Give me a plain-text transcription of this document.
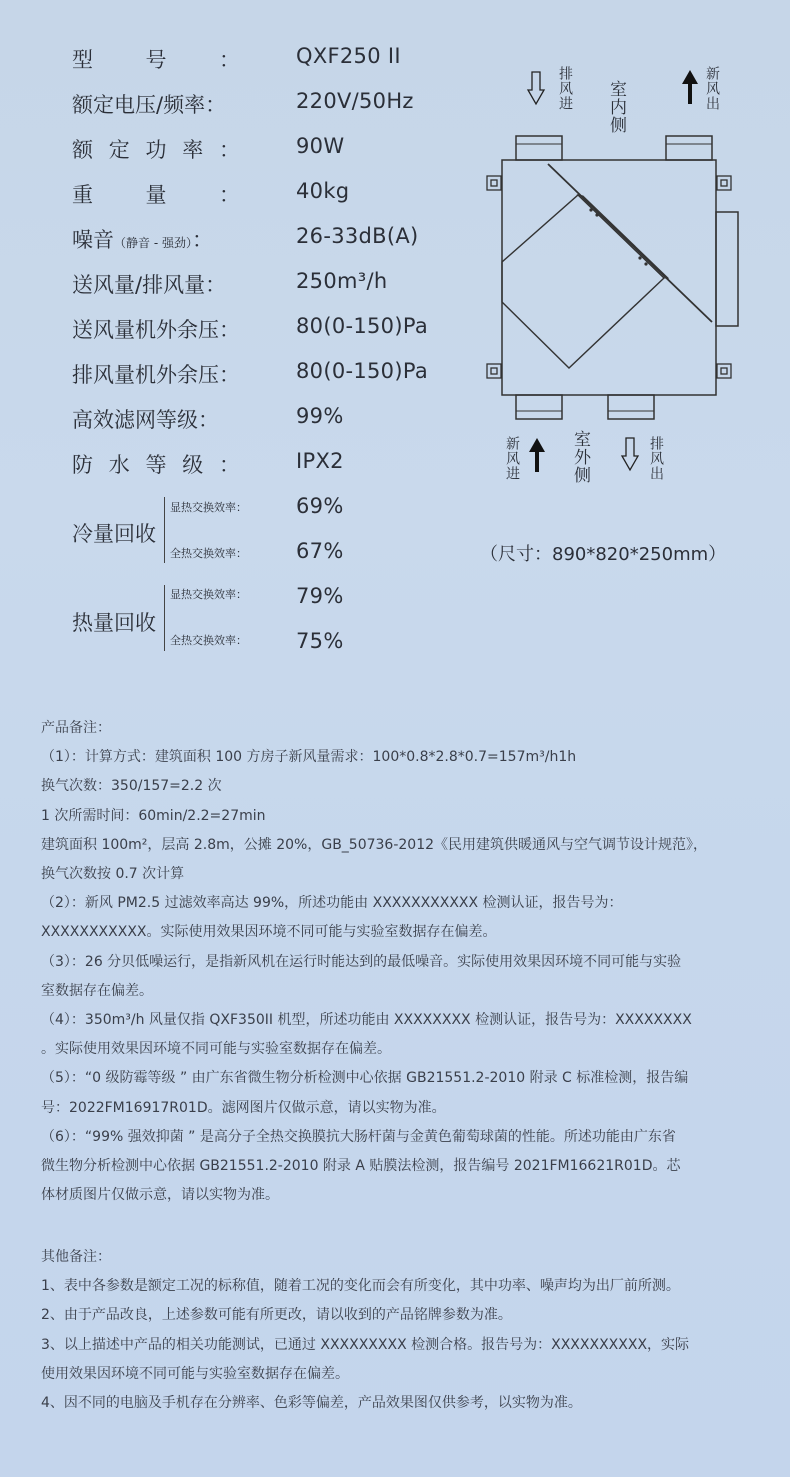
型	号	：	QXF250 II
额定电压/频率：	220V/50Hz
额 定 功 率 ：	90W
重	量	：	40kg
噪音（静音 - 强劲）：	26-33dB(A)
送风量/排风量：	250m³/h
送风量机外余压：	80(0-150)Pa
排风量机外余压：	80(0-150)Pa
高效滤网等级：	99%
防 水 等 级 ：	IPX2
冷量回收
显热交换效率： 69%
全热交换效率： 67%
热量回收
显热交换效率： 79%
全热交换效率： 75%
排风进 室内侧	新风出
新风进	室外侧	排风出
（尺寸：890*820*250mm）

产品备注：

（1）：计算方式：建筑面积 100 方房子新风量需求：100*0.8*2.8*0.7=157m³/h1h

换气次数：350/157=2.2 次

1 次所需时间：60min/2.2=27min

建筑面积 100m²，层高 2.8m，公摊 20%，GB_50736-2012《民用建筑供暖通风与空气调节设计规范》，

换气次数按 0.7 次计算

（2）：新风 PM2.5 过滤效率高达 99%，所述功能由 XXXXXXXXXXX 检测认证，报告号为：

XXXXXXXXXXX。实际使用效果因环境不同可能与实验室数据存在偏差。

（3）：26 分贝低噪运行，是指新风机在运行时能达到的最低噪音。实际使用效果因环境不同可能与实验

室数据存在偏差。

（4）：350m³/h 风量仅指 QXF350II 机型，所述功能由 XXXXXXXX 检测认证，报告号为：XXXXXXXX

。实际使用效果因环境不同可能与实验室数据存在偏差。

（5）：“0 级防霉等级 ” 由广东省微生物分析检测中心依据 GB21551.2-2010 附录 C 标准检测，报告编

号：2022FM16917R01D。滤网图片仅做示意，请以实物为准。

（6）：“99% 强效抑菌 ” 是高分子全热交换膜抗大肠杆菌与金黄色葡萄球菌的性能。所述功能由广东省

微生物分析检测中心依据 GB21551.2-2010 附录 A 贴膜法检测，报告编号 2021FM16621R01D。芯

体材质图片仅做示意，请以实物为准。

其他备注：

1、表中各参数是额定工况的标称值，随着工况的变化而会有所变化，其中功率、噪声均为出厂前所测。

2、由于产品改良，上述参数可能有所更改，请以收到的产品铭牌参数为准。

3、以上描述中产品的相关功能测试，已通过 XXXXXXXXX 检测合格。报告号为：XXXXXXXXXX，实际

使用效果因环境不同可能与实验室数据存在偏差。

4、因不同的电脑及手机存在分辨率、色彩等偏差，产品效果图仅供参考，以实物为准。
